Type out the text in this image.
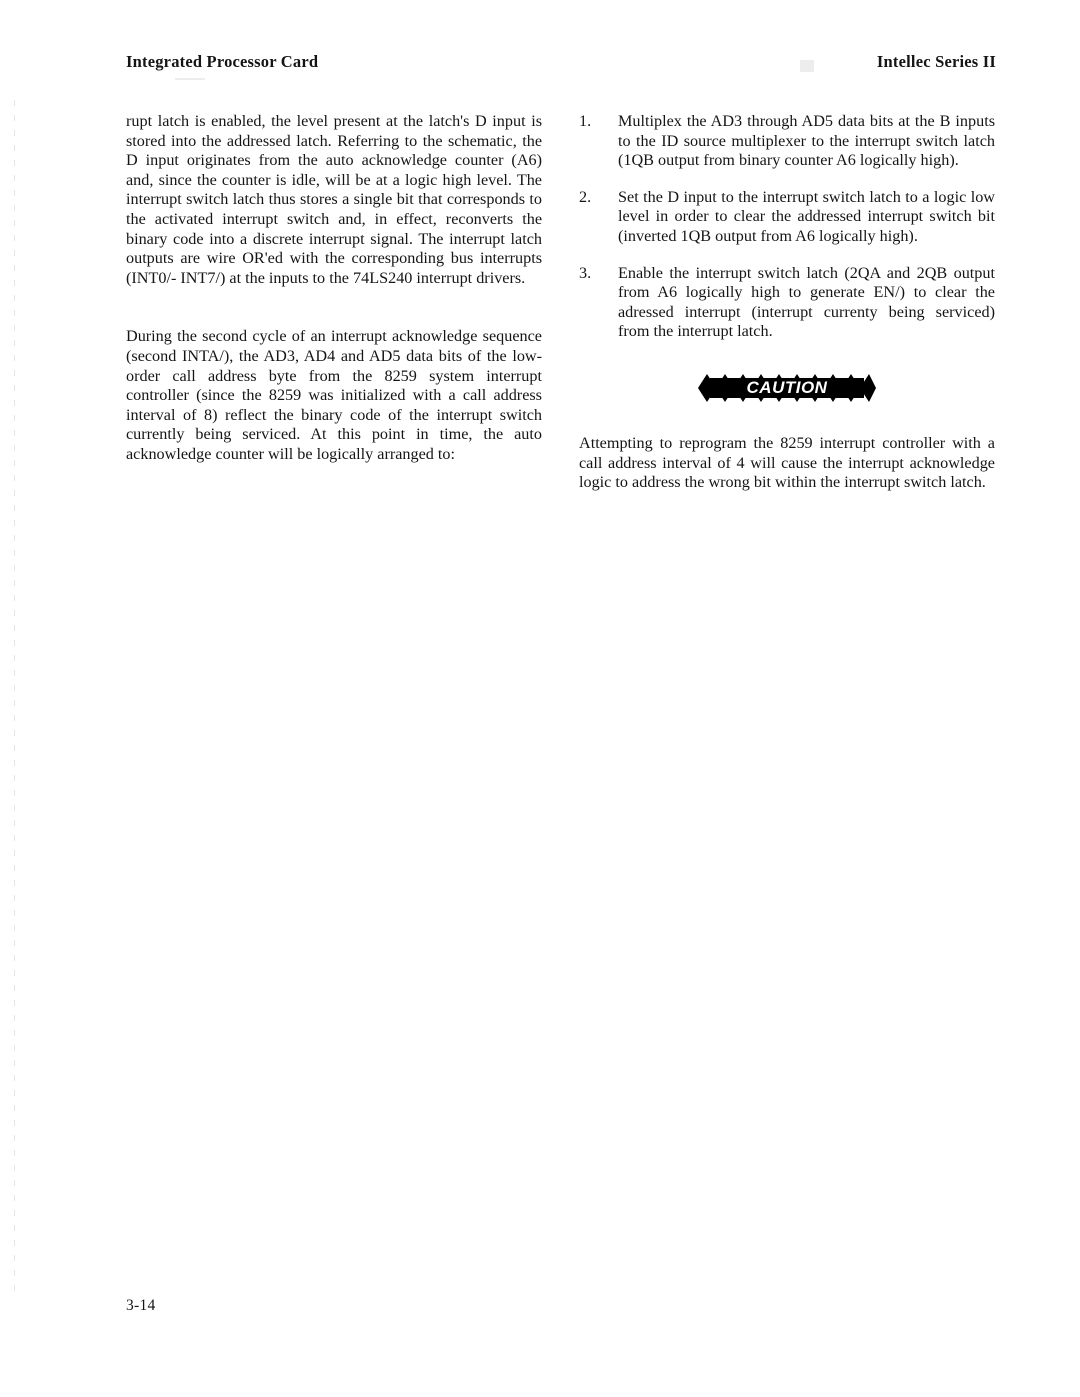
Integrated Processor Card	Intellec Series II

rupt latch is enabled, the level present at the latch's D input is stored into the addressed latch. Referring to the schematic, the D input originates from the auto acknowledge counter (A6) and, since the counter is idle, will be at a logic high level. The interrupt switch latch thus stores a single bit that corresponds to the activated interrupt switch and, in effect, reconverts the binary code into a discrete interrupt signal. The interrupt latch outputs are wire OR'ed with the corresponding bus interrupts (INT0/- INT7/) at the inputs to the 74LS240 interrupt drivers.

During the second cycle of an interrupt acknowledge sequence (second INTA/), the AD3, AD4 and AD5 data bits of the low-order call address byte from the 8259 system interrupt controller (since the 8259 was initialized with a call address interval of 8) reflect the binary code of the interrupt switch currently being serviced. At this point in time, the auto acknowledge counter will be logically arranged to:

1.	Multiplex the AD3 through AD5 data bits at the B inputs to the ID source multiplexer to the interrupt switch latch (1QB output from binary counter A6 logically high).
2.	Set the D input to the interrupt switch latch to a logic low level in order to clear the addressed interrupt switch bit (inverted 1QB output from A6 logically high).
3.	Enable the interrupt switch latch (2QA and 2QB output from A6 logically high to generate EN/) to clear the adressed interrupt (interrupt currenty being serviced) from the interrupt latch.
CAUTION

Attempting to reprogram the 8259 interrupt controller with a call address interval of 4 will cause the interrupt acknowledge logic to address the wrong bit within the interrupt switch latch.

3-14
